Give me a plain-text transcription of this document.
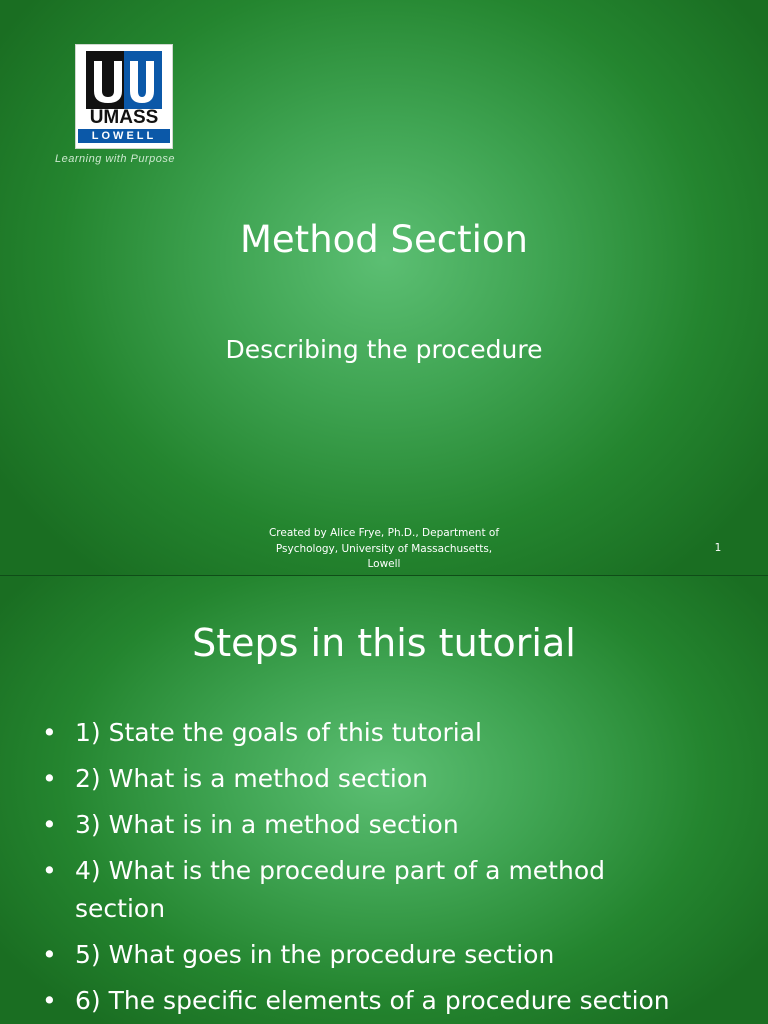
UMASS
LOWELL
Learning with Purpose
Method Section
Describing the procedure
Created by Alice Frye, Ph.D., Department of
Psychology, University of Massachusetts,
Lowell
1
Steps in this tutorial
• 1) State the goals of this tutorial
• 2) What is a method section
• 3) What is in a method section
• 4) What is the procedure part of a method section
• 5) What goes in the procedure section
• 6) The specific elements of a procedure section
